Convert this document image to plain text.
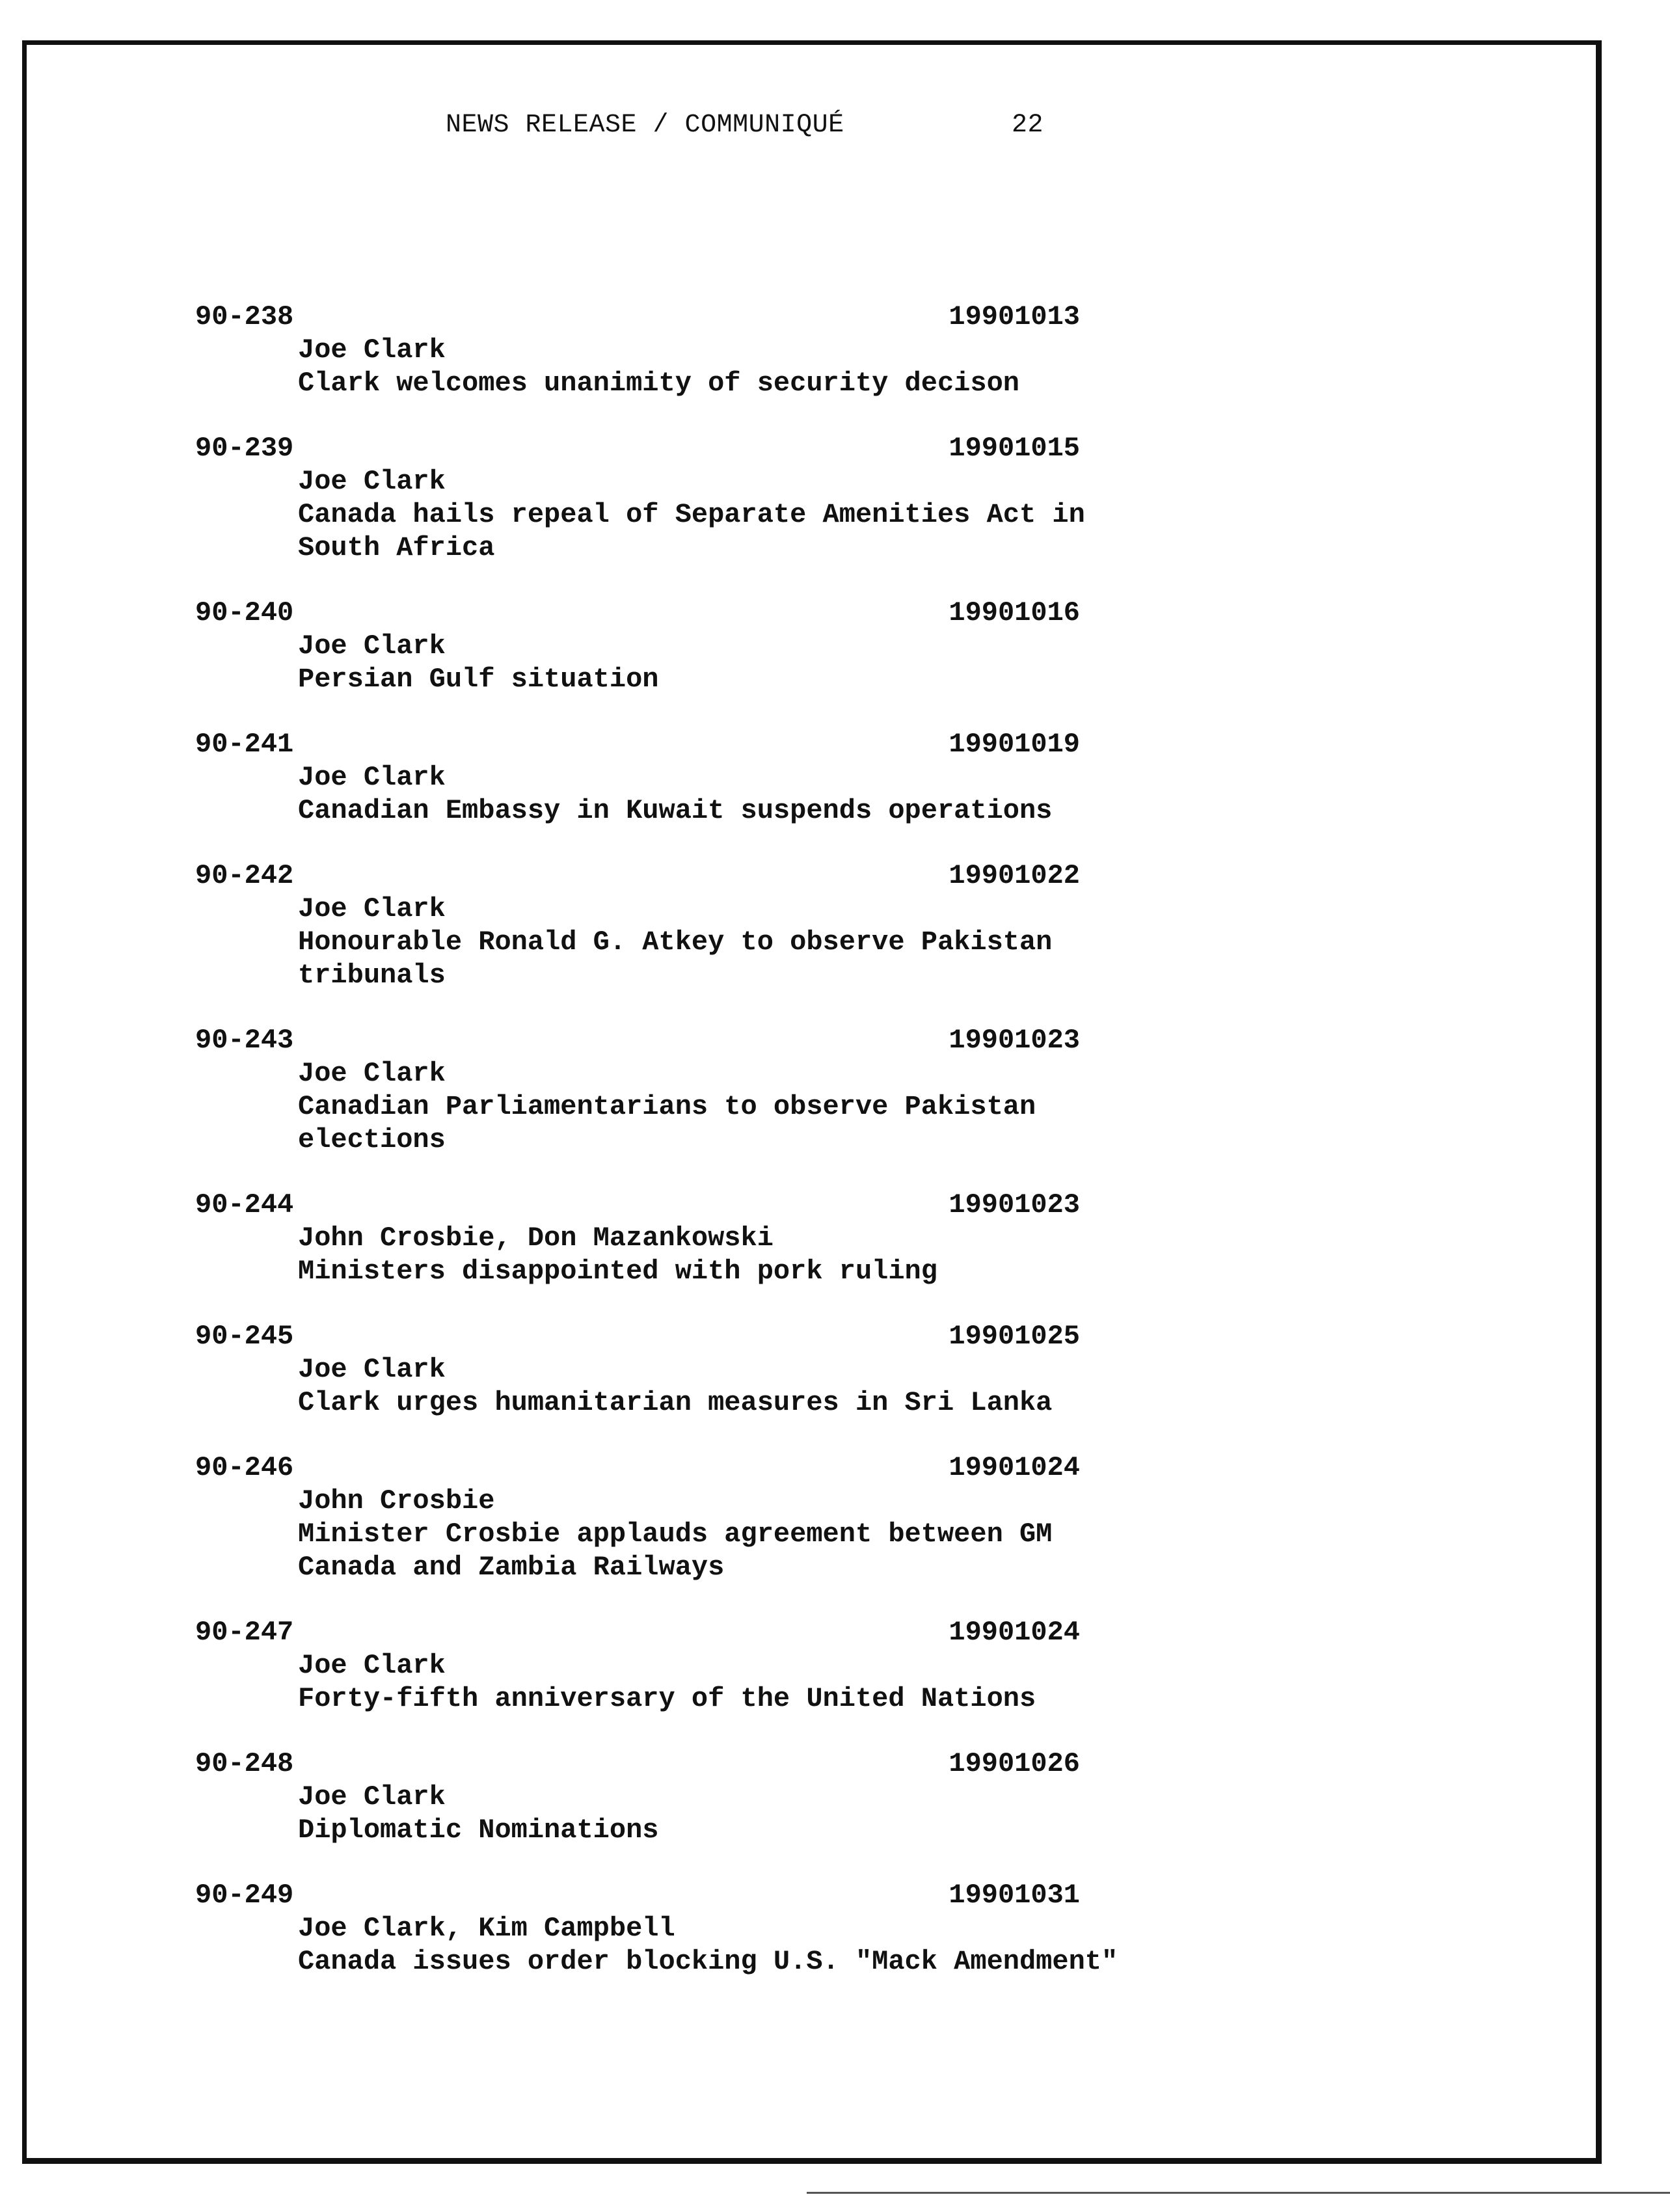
NEWS RELEASE / COMMUNIQUÉ	22
90-238	19901013
Joe Clark
Clark welcomes unanimity of security decison
90-239	19901015
Joe Clark
Canada hails repeal of Separate Amenities Act in
South Africa
90-240	19901016
Joe Clark
Persian Gulf situation
90-241	19901019
Joe Clark
Canadian Embassy in Kuwait suspends operations
90-242	19901022
Joe Clark
Honourable Ronald G. Atkey to observe Pakistan
tribunals
90-243	19901023
Joe Clark
Canadian Parliamentarians to observe Pakistan
elections
90-244	19901023
John Crosbie, Don Mazankowski
Ministers disappointed with pork ruling
90-245	19901025
Joe Clark
Clark urges humanitarian measures in Sri Lanka
90-246	19901024
John Crosbie
Minister Crosbie applauds agreement between GM
Canada and Zambia Railways
90-247	19901024
Joe Clark
Forty-fifth anniversary of the United Nations
90-248	19901026
Joe Clark
Diplomatic Nominations
90-249	19901031
Joe Clark, Kim Campbell
Canada issues order blocking U.S. "Mack Amendment"
